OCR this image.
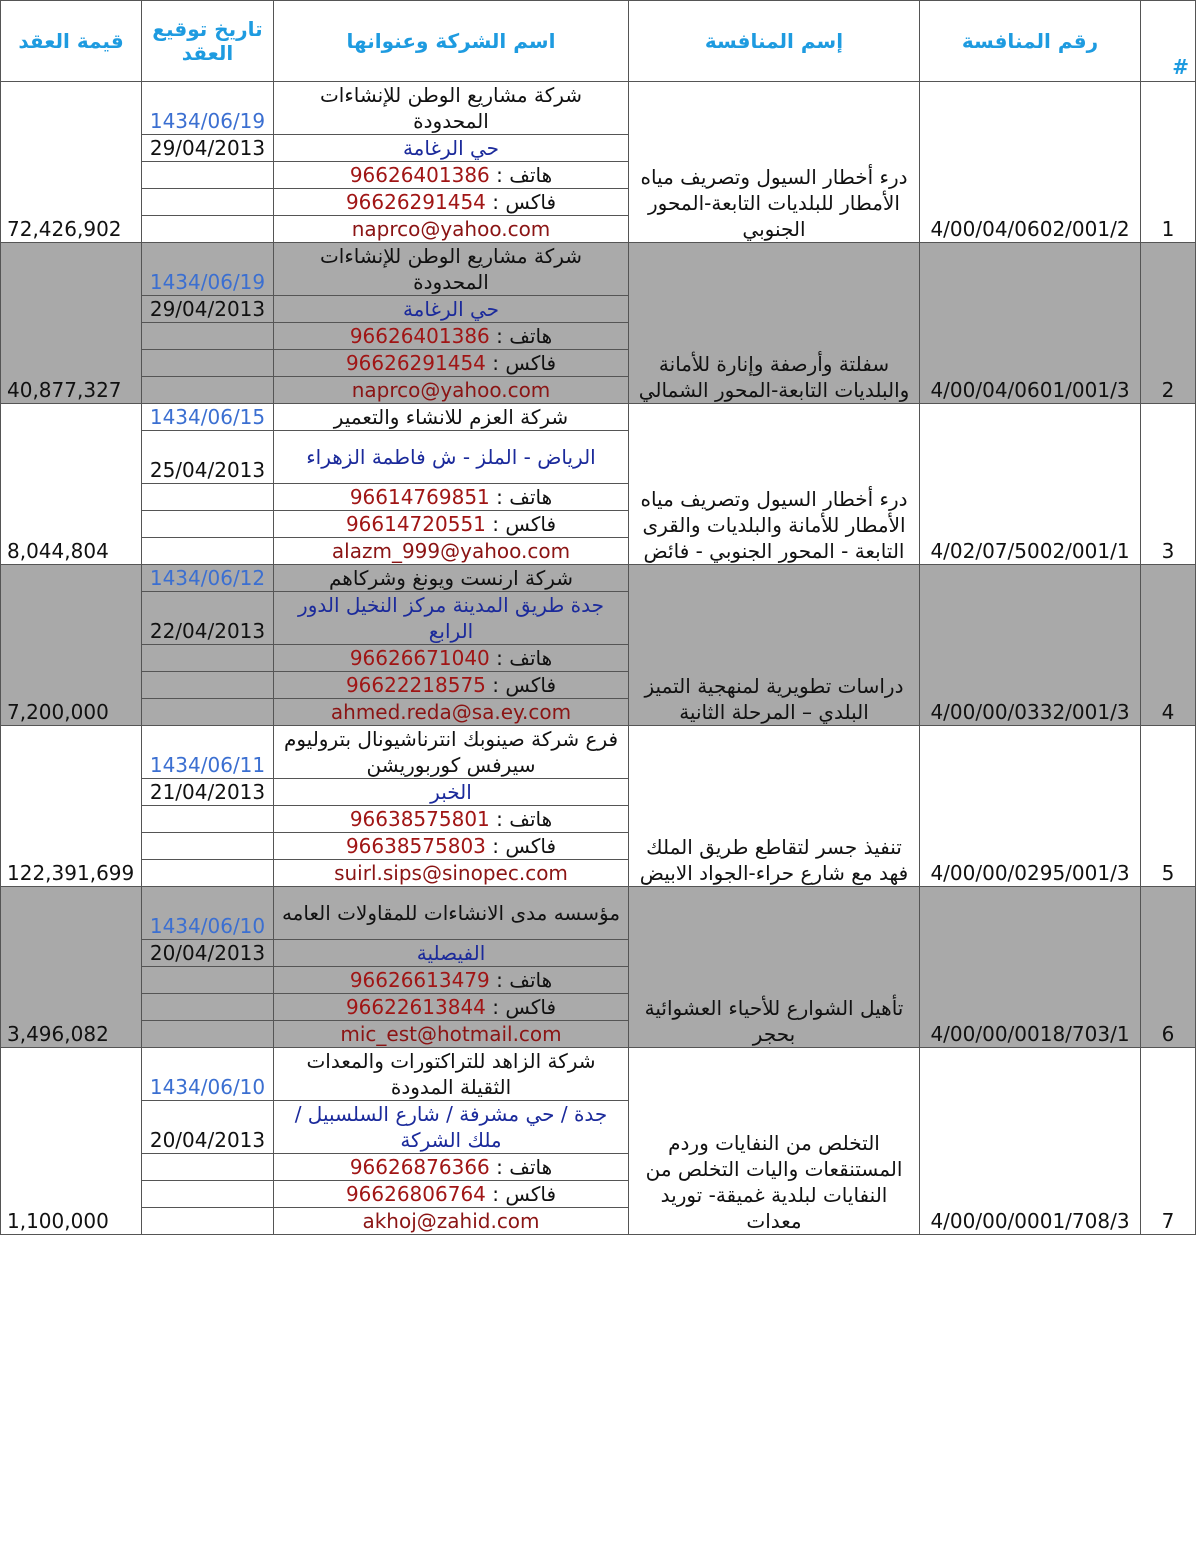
قيمة العقد	تاريخ توقيع العقد	اسم الشركة وعنوانها	إسم المنافسة	رقم المنافسة	#
72,426,902	1434/06/19	شركة مشاريع الوطن للإنشاءات المحدودة	درء أخطار السيول وتصريف مياه الأمطار للبلديات التابعة-المحور الجنوبي	4/00/04/0602/001/2	1
	29/04/2013	حي الرغامة			
		هاتف : 96626401386			
		فاكس : 96626291454			
		naprco@yahoo.com			
40,877,327	1434/06/19	شركة مشاريع الوطن للإنشاءات المحدودة	سفلتة وأرصفة وإنارة للأمانة والبلديات التابعة-المحور الشمالي	4/00/04/0601/001/3	2
	29/04/2013	حي الرغامة			
		هاتف : 96626401386			
		فاكس : 96626291454			
		naprco@yahoo.com			
8,044,804	1434/06/15	شركة العزم للانشاء والتعمير	درء أخطار السيول وتصريف مياه الأمطار للأمانة والبلديات والقرى التابعة - المحور الجنوبي - فائض	4/02/07/5002/001/1	3
	25/04/2013	الرياض - الملز - ش فاطمة الزهراء			
		هاتف : 96614769851			
		فاكس : 96614720551			
		alazm_999@yahoo.com			
7,200,000	1434/06/12	شركة ارنست ويونغ وشركاهم	دراسات تطويرية لمنهجية التميز البلدي – المرحلة الثانية	4/00/00/0332/001/3	4
	22/04/2013	جدة طريق المدينة مركز النخيل الدور الرابع			
		هاتف : 96626671040			
		فاكس : 96622218575			
		ahmed.reda@sa.ey.com			
122,391,699	1434/06/11	فرع شركة صينوبك انترناشيونال بتروليوم سيرفس كوربوريشن	تنفيذ جسر لتقاطع طريق الملك فهد مع شارع حراء-الجواد الابيض	4/00/00/0295/001/3	5
	21/04/2013	الخبر			
		هاتف : 96638575801			
		فاكس : 96638575803			
		suirl.sips@sinopec.com			
3,496,082	1434/06/10	مؤسسه مدى الانشاءات للمقاولات العامه	تأهيل الشوارع للأحياء العشوائية بحجر	4/00/00/0018/703/1	6
	20/04/2013	الفيصلية			
		هاتف : 96626613479			
		فاكس : 96622613844			
		mic_est@hotmail.com			
1,100,000	1434/06/10	شركة الزاهد للتراكتورات والمعدات الثقيلة المدودة	التخلص من النفايات وردم المستنقعات واليات التخلص من النفايات لبلدية غميقة- توريد معدات	4/00/00/0001/708/3	7
	20/04/2013	جدة / حي مشرفة / شارع السلسبيل / ملك الشركة			
		هاتف : 96626876366			
		فاكس : 96626806764			
		akhoj@zahid.com			
